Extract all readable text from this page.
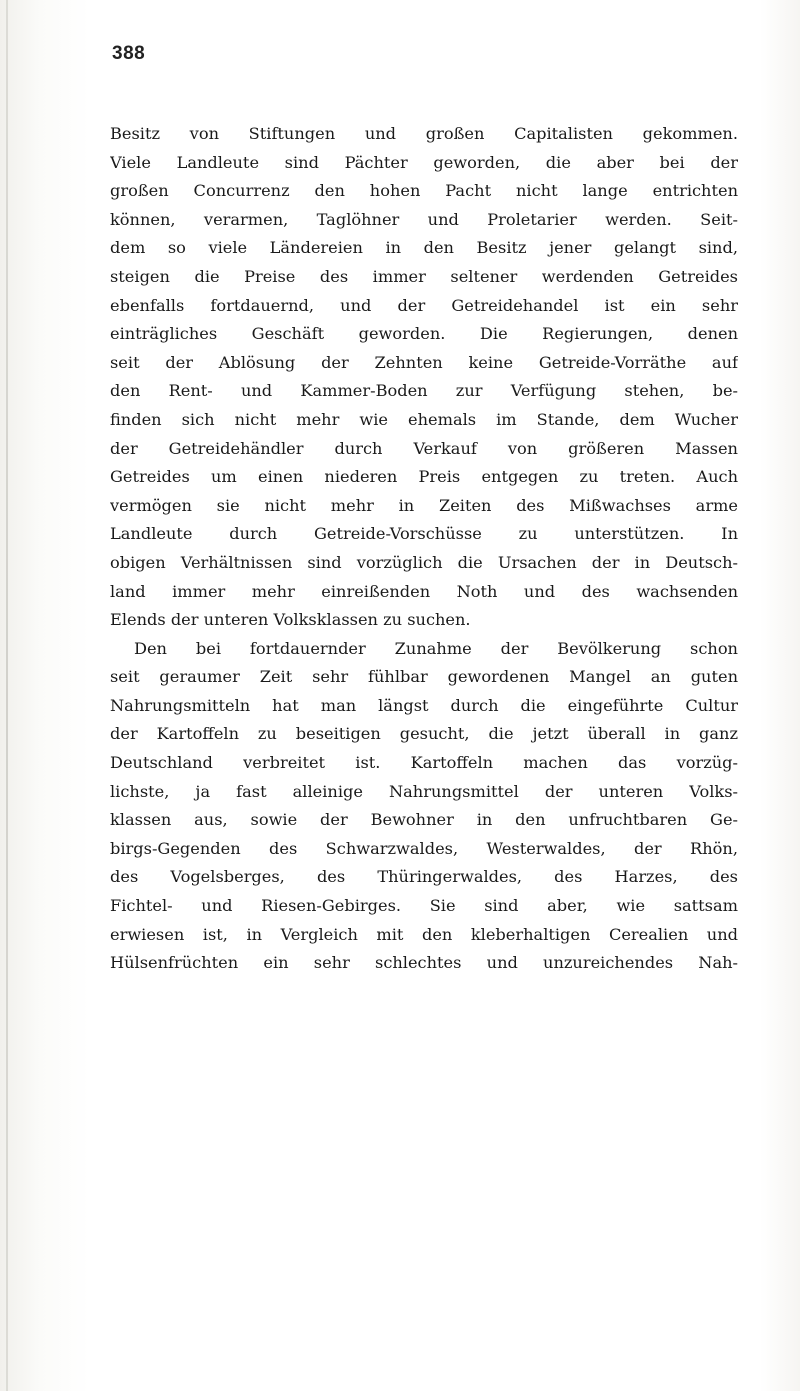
388
Besitz von Stiftungen und großen Capitalisten gekommen.
Viele Landleute sind Pächter geworden, die aber bei der
großen Concurrenz den hohen Pacht nicht lange entrichten
können, verarmen, Taglöhner und Proletarier werden. Seit-
dem so viele Ländereien in den Besitz jener gelangt sind,
steigen die Preise des immer seltener werdenden Getreides
ebenfalls fortdauernd, und der Getreidehandel ist ein sehr
einträgliches Geschäft geworden. Die Regierungen, denen
seit der Ablösung der Zehnten keine Getreide-Vorräthe auf
den Rent- und Kammer-Boden zur Verfügung stehen, be-
finden sich nicht mehr wie ehemals im Stande, dem Wucher
der Getreidehändler durch Verkauf von größeren Massen
Getreides um einen niederen Preis entgegen zu treten. Auch
vermögen sie nicht mehr in Zeiten des Mißwachses arme
Landleute durch Getreide-Vorschüsse zu unterstützen. In
obigen Verhältnissen sind vorzüglich die Ursachen der in Deutsch-
land immer mehr einreißenden Noth und des wachsenden
Elends der unteren Volksklassen zu suchen.
Den bei fortdauernder Zunahme der Bevölkerung schon
seit geraumer Zeit sehr fühlbar gewordenen Mangel an guten
Nahrungsmitteln hat man längst durch die eingeführte Cultur
der Kartoffeln zu beseitigen gesucht, die jetzt überall in ganz
Deutschland verbreitet ist. Kartoffeln machen das vorzüg-
lichste, ja fast alleinige Nahrungsmittel der unteren Volks-
klassen aus, sowie der Bewohner in den unfruchtbaren Ge-
birgs-Gegenden des Schwarzwaldes, Westerwaldes, der Rhön,
des Vogelsberges, des Thüringerwaldes, des Harzes, des
Fichtel- und Riesen-Gebirges. Sie sind aber, wie sattsam
erwiesen ist, in Vergleich mit den kleberhaltigen Cerealien und
Hülsenfrüchten ein sehr schlechtes und unzureichendes Nah-
